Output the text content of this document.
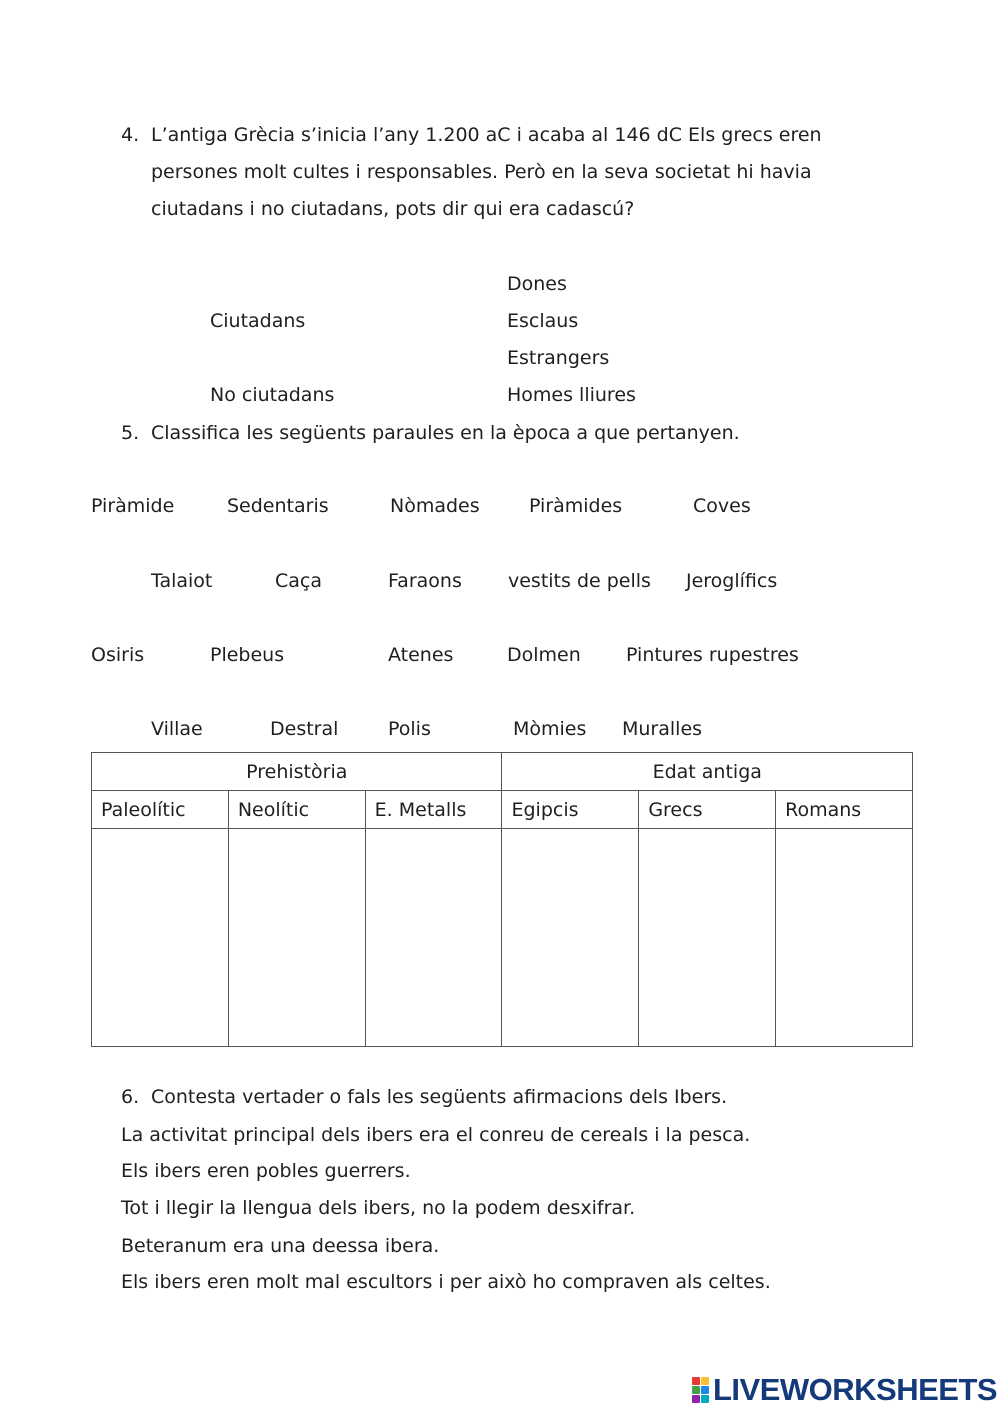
4. L’antiga Grècia s’inicia l’any 1.200 aC i acaba al 146 dC Els grecs eren
persones molt cultes i responsables. Però en la seva societat hi havia
ciutadans i no ciutadans, pots dir qui era cadascú?
Ciutadans
No ciutadans
Dones
Esclaus
Estrangers
Homes lliures
5. Classifica les següents paraules en la època a que pertanyen.
Piràmide	Sedentaris	Nòmades	Piràmides	Coves
Talaiot	Caça	Faraons vestits de pells Jeroglífics
Osiris	Plebeus	Atenes	Dolmen Pintures rupestres
Villae	Destral	Polis	Mòmies Muralles
Prehistòria			Edat antiga		
Paleolític	Neolític	E. Metalls	Egipcis	Grecs	Romans

6. Contesta vertader o fals les següents afirmacions dels Ibers.
La activitat principal dels ibers era el conreu de cereals i la pesca.
Els ibers eren pobles guerrers.
Tot i llegir la llengua dels ibers, no la podem desxifrar.
Beteranum era una deessa ibera.
Els ibers eren molt mal escultors i per això ho compraven als celtes.
LIVEWORKSHEETS
